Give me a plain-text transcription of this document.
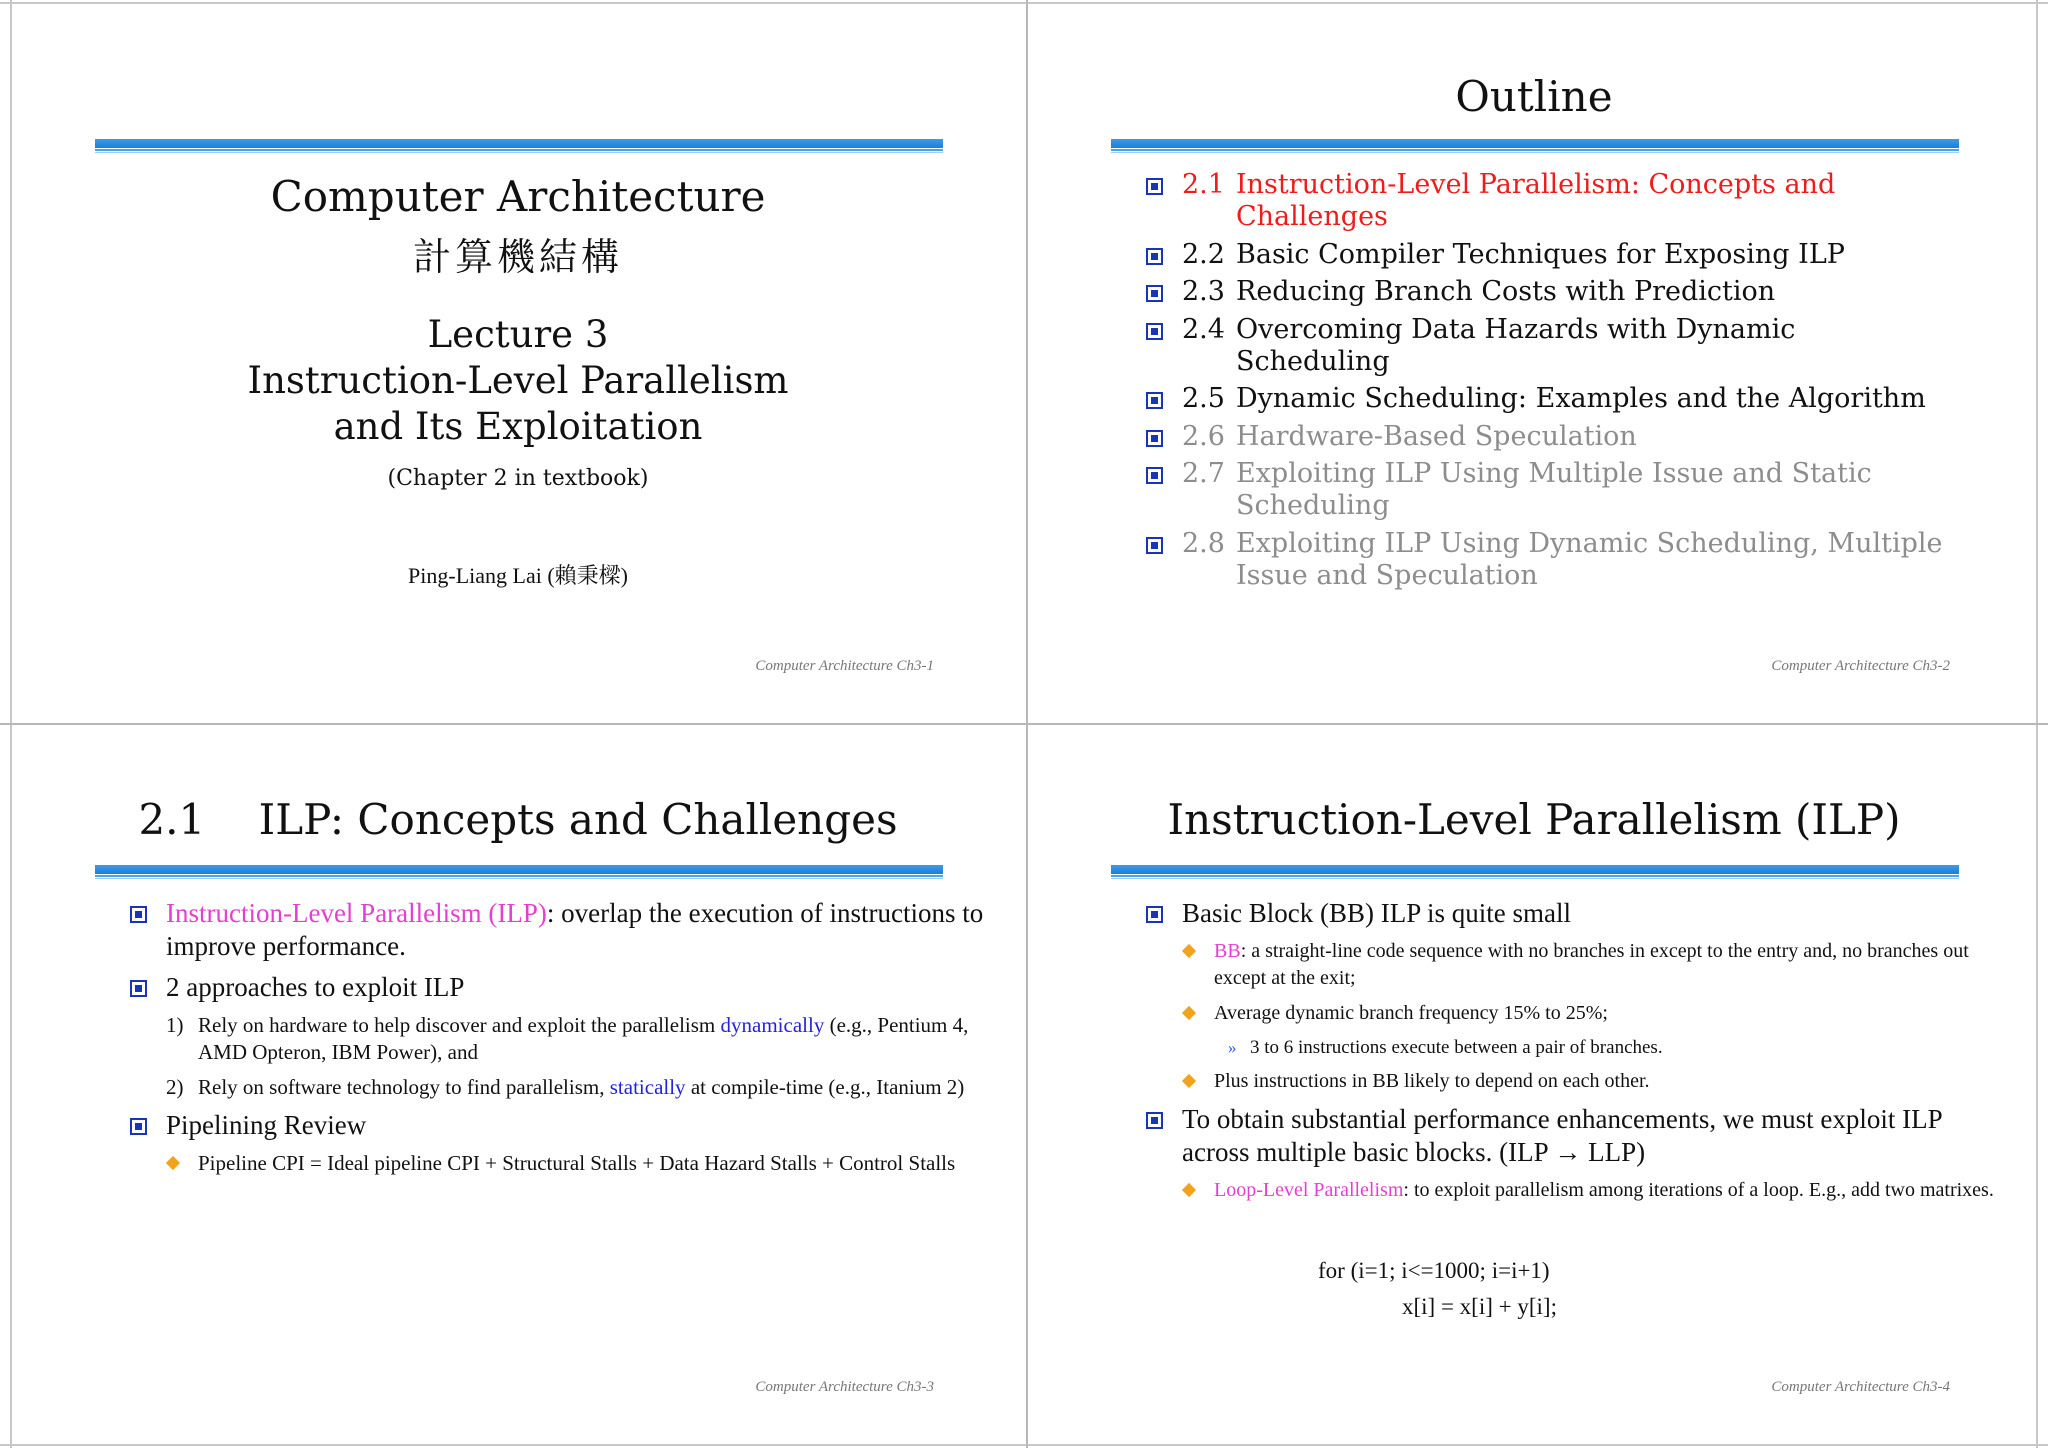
Computer Architecture
計算機結構
Lecture 3
Instruction-Level Parallelism
and Its Exploitation
(Chapter 2 in textbook)
Ping-Liang Lai (賴秉樑)
Computer Architecture Ch3-1
Outline
2.1 Instruction-Level Parallelism: Concepts and Challenges
2.2 Basic Compiler Techniques for Exposing ILP
2.3 Reducing Branch Costs with Prediction
2.4 Overcoming Data Hazards with Dynamic Scheduling
2.5 Dynamic Scheduling: Examples and the Algorithm
2.6 Hardware-Based Speculation
2.7 Exploiting ILP Using Multiple Issue and Static Scheduling
2.8 Exploiting ILP Using Dynamic Scheduling, Multiple Issue and Speculation
Computer Architecture Ch3-2
2.1    ILP: Concepts and Challenges
Instruction-Level Parallelism (ILP): overlap the execution of instructions to improve performance.
2 approaches to exploit ILP
1) Rely on hardware to help discover and exploit the parallelism dynamically (e.g., Pentium 4, AMD Opteron, IBM Power), and
2) Rely on software technology to find parallelism, statically at compile-time (e.g., Itanium 2)
Pipelining Review
Pipeline CPI = Ideal pipeline CPI + Structural Stalls + Data Hazard Stalls + Control Stalls
Computer Architecture Ch3-3
Instruction-Level Parallelism (ILP)
Basic Block (BB) ILP is quite small
BB: a straight-line code sequence with no branches in except to the entry and, no branches out except at the exit;
Average dynamic branch frequency 15% to 25%;
» 3 to 6 instructions execute between a pair of branches.
Plus instructions in BB likely to depend on each other.
To obtain substantial performance enhancements, we must exploit ILP across multiple basic blocks. (ILP → LLP)
Loop-Level Parallelism: to exploit parallelism among iterations of a loop. E.g., add two matrixes.
for (i=1; i<=1000; i=i+1)
x[i] = x[i] + y[i];
Computer Architecture Ch3-4
